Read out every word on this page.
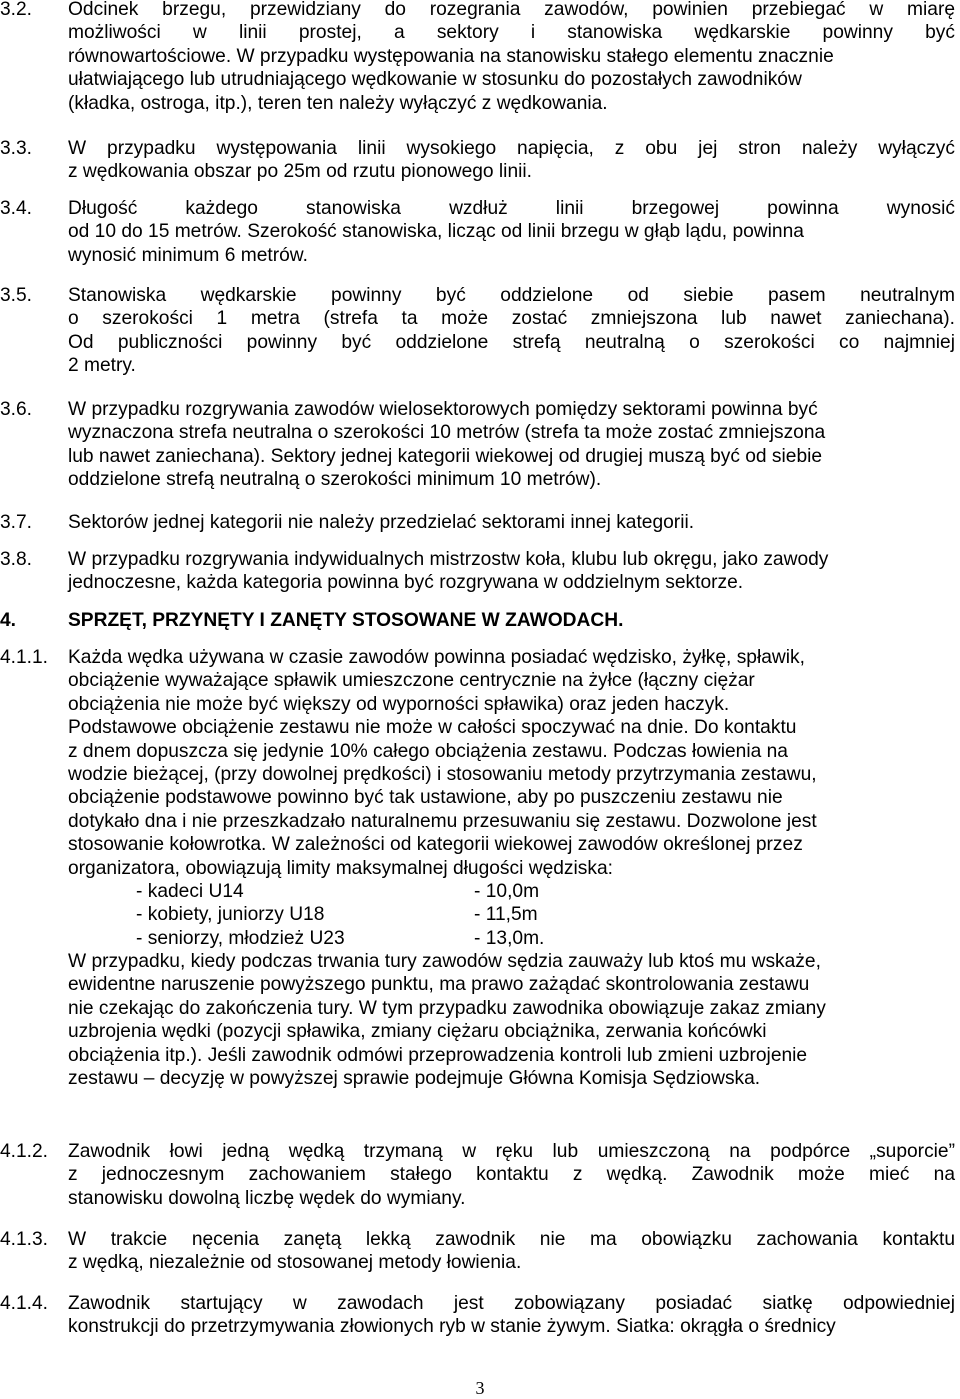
3.2. Odcinek brzegu, przewidziany do rozegrania zawodów, powinien przebiegać w miarę
możliwości w linii prostej, a sektory i stanowiska wędkarskie powinny być
równowartościowe. W przypadku występowania na stanowisku stałego elementu znacznie
ułatwiającego lub utrudniającego wędkowanie w stosunku do pozostałych zawodników
(kładka, ostroga, itp.), teren ten należy wyłączyć z wędkowania.
3.3. W przypadku występowania linii wysokiego napięcia, z obu jej stron należy wyłączyć
z wędkowania obszar po 25m od rzutu pionowego linii.
3.4. Długość każdego stanowiska wzdłuż linii brzegowej powinna wynosić
od 10 do 15 metrów. Szerokość stanowiska, licząc od linii brzegu w głąb lądu, powinna
wynosić minimum 6 metrów.
3.5. Stanowiska wędkarskie powinny być oddzielone od siebie pasem neutralnym
o szerokości 1 metra (strefa ta może zostać zmniejszona lub nawet zaniechana).
Od publiczności powinny być oddzielone strefą neutralną o szerokości co najmniej
2 metry.
3.6. W przypadku rozgrywania zawodów wielosektorowych pomiędzy sektorami powinna być
wyznaczona strefa neutralna o szerokości 10 metrów (strefa ta może zostać zmniejszona
lub nawet zaniechana). Sektory jednej kategorii wiekowej od drugiej muszą być od siebie
oddzielone strefą neutralną o szerokości minimum 10 metrów).
3.7. Sektorów jednej kategorii nie należy przedzielać sektorami innej kategorii.
3.8. W przypadku rozgrywania indywidualnych mistrzostw koła, klubu lub okręgu, jako zawody
jednoczesne, każda kategoria powinna być rozgrywana w oddzielnym sektorze.
4.	SPRZĘT, PRZYNĘTY I ZANĘTY STOSOWANE W ZAWODACH.
4.1.1. Każda wędka używana w czasie zawodów powinna posiadać wędzisko, żyłkę, spławik,
obciążenie wyważające spławik umieszczone centrycznie na żyłce (łączny ciężar
obciążenia nie może być większy od wyporności spławika) oraz jeden haczyk.
Podstawowe obciążenie zestawu nie może w całości spoczywać na dnie. Do kontaktu
z dnem dopuszcza się jedynie 10% całego obciążenia zestawu. Podczas łowienia na
wodzie bieżącej, (przy dowolnej prędkości) i stosowaniu metody przytrzymania zestawu,
obciążenie podstawowe powinno być tak ustawione, aby po puszczeniu zestawu nie
dotykało dna i nie przeszkadzało naturalnemu przesuwaniu się zestawu. Dozwolone jest
stosowanie kołowrotka. W zależności od kategorii wiekowej zawodów określonej przez
organizatora, obowiązują limity maksymalnej długości wędziska:
- kadeci U14	- 10,0m
- kobiety, juniorzy U18	- 11,5m
- seniorzy, młodzież U23	- 13,0m.
W przypadku, kiedy podczas trwania tury zawodów sędzia zauważy lub ktoś mu wskaże,
ewidentne naruszenie powyższego punktu, ma prawo zażądać skontrolowania zestawu
nie czekając do zakończenia tury. W tym przypadku zawodnika obowiązuje zakaz zmiany
uzbrojenia wędki (pozycji spławika, zmiany ciężaru obciążnika, zerwania końcówki
obciążenia itp.). Jeśli zawodnik odmówi przeprowadzenia kontroli lub zmieni uzbrojenie
zestawu – decyzję w powyższej sprawie podejmuje Główna Komisja Sędziowska.
4.1.2. Zawodnik łowi jedną wędką trzymaną w ręku lub umieszczoną na podpórce „suporcie”
z jednoczesnym zachowaniem stałego kontaktu z wędką. Zawodnik może mieć na
stanowisku dowolną liczbę wędek do wymiany.
4.1.3. W trakcie nęcenia zanętą lekką zawodnik nie ma obowiązku zachowania kontaktu
z wędką, niezależnie od stosowanej metody łowienia.
4.1.4. Zawodnik startujący w zawodach jest zobowiązany posiadać siatkę odpowiedniej
konstrukcji do przetrzymywania złowionych ryb w stanie żywym. Siatka: okrągła o średnicy
3
